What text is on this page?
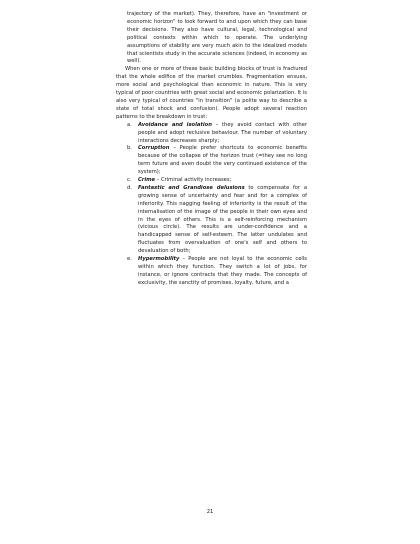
trajectory of the market). They, therefore, have an "investment or economic horizon" to look forward to and upon which they can base their decisions. They also have cultural, legal, technological and political contexts within which to operate. The underlying assumptions of stability are very much akin to the idealized models that scientists study in the accurate sciences (indeed, in economy as well).

When one or more of these basic building blocks of trust is fractured that the whole edifice of the market crumbles. Fragmentation ensues, more social and psychological than economic in nature. This is very typical of poor countries with great social and economic polarization. It is also very typical of countries "in transition" (a polite way to describe a state of total shock and confusion). People adopt several reaction patterns to the breakdown in trust:

a. Avoidance and isolation – they avoid contact with other people and adopt reclusive behaviour. The number of voluntary interactions decreases sharply;

b. Corruption – People prefer shortcuts to economic benefits because of the collapse of the horizon trust (=they see no long term future and even doubt the very continued existence of the system);

c. Crime – Criminal activity increases;

d. Fantastic and Grandiose delusions to compensate for a growing sense of uncertainty and fear and for a complex of inferiority. This nagging feeling of inferiority is the result of the internalisation of the image of the people in their own eyes and in the eyes of others. This is a self-reinforcing mechanism (vicious circle). The results are under-confidence and a handicapped sense of self-esteem. The latter undulates and fluctuates from overvaluation of one's self and others to devaluation of both;

e. Hypermobility – People are not loyal to the economic cells within which they function. They switch a lot of jobs, for instance, or ignore contracts that they made. The concepts of exclusivity, the sanctity of promises, loyalty, future, and a

21
